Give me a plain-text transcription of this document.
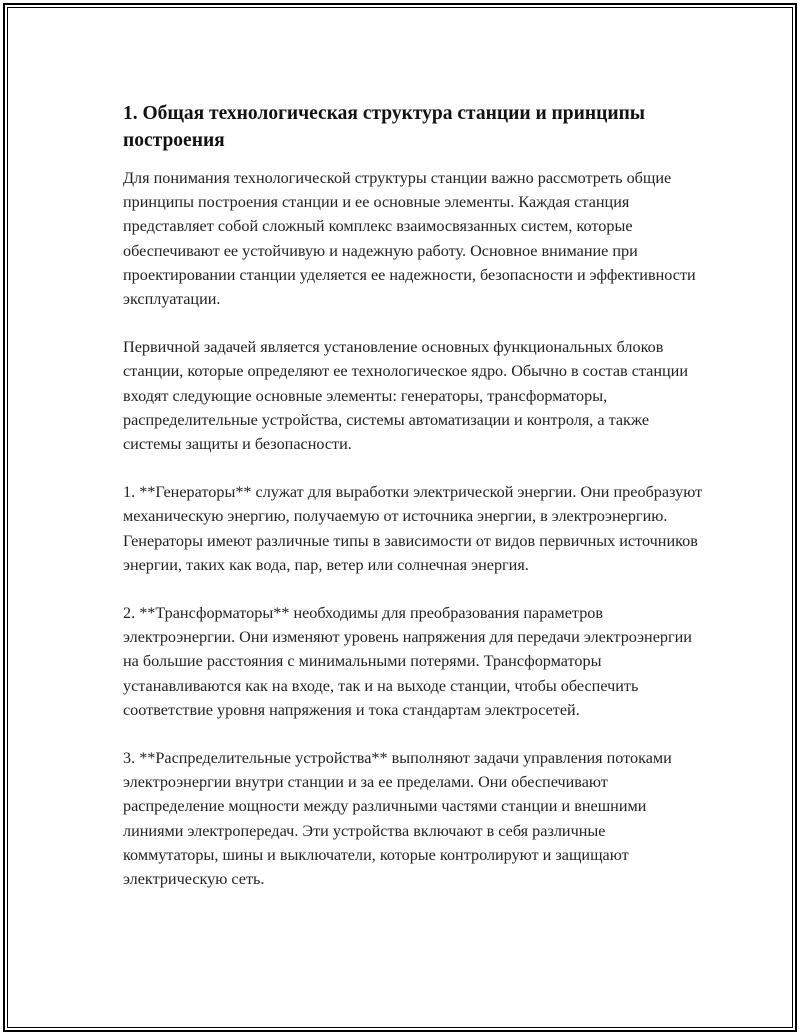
1. Общая технологическая структура станции и принципы построения

Для понимания технологической структуры станции важно рассмотреть общие принципы построения станции и ее основные элементы. Каждая станция представляет собой сложный комплекс взаимосвязанных систем, которые обеспечивают ее устойчивую и надежную работу. Основное внимание при проектировании станции уделяется ее надежности, безопасности и эффективности эксплуатации.

Первичной задачей является установление основных функциональных блоков станции, которые определяют ее технологическое ядро. Обычно в состав станции входят следующие основные элементы: генераторы, трансформаторы, распределительные устройства, системы автоматизации и контроля, а также системы защиты и безопасности.

1. **Генераторы** служат для выработки электрической энергии. Они преобразуют механическую энергию, получаемую от источника энергии, в электроэнергию. Генераторы имеют различные типы в зависимости от видов первичных источников энергии, таких как вода, пар, ветер или солнечная энергия.

2. **Трансформаторы** необходимы для преобразования параметров электроэнергии. Они изменяют уровень напряжения для передачи электроэнергии на большие расстояния с минимальными потерями. Трансформаторы устанавливаются как на входе, так и на выходе станции, чтобы обеспечить соответствие уровня напряжения и тока стандартам электросетей.

3. **Распределительные устройства** выполняют задачи управления потоками электроэнергии внутри станции и за ее пределами. Они обеспечивают распределение мощности между различными частями станции и внешними линиями электропередач. Эти устройства включают в себя различные коммутаторы, шины и выключатели, которые контролируют и защищают электрическую сеть.
